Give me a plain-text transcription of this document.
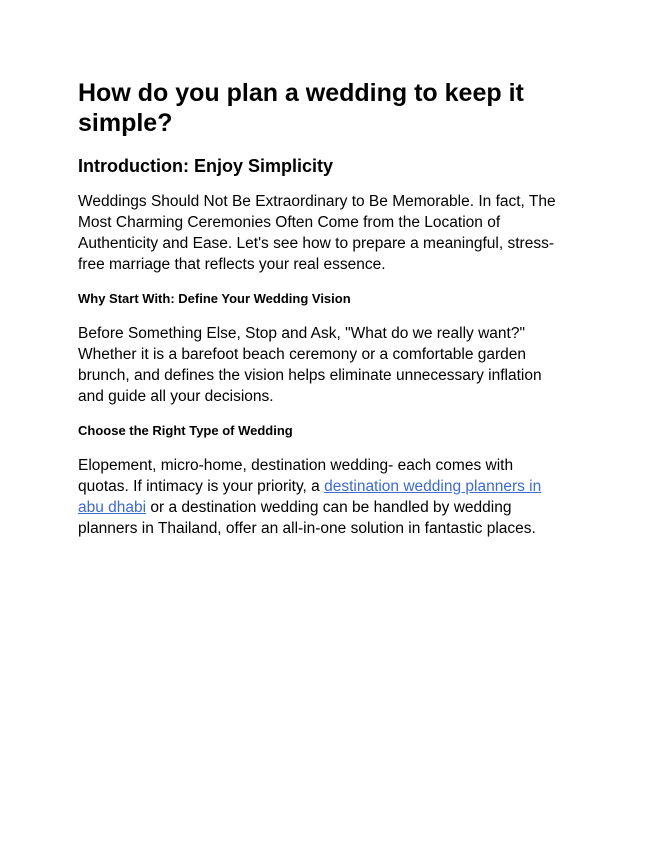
How do you plan a wedding to keep it simple?
Introduction: Enjoy Simplicity

Weddings Should Not Be Extraordinary to Be Memorable. In fact, The Most Charming Ceremonies Often Come from the Location of Authenticity and Ease. Let's see how to prepare a meaningful, stress-free marriage that reflects your real essence.

Why Start With: Define Your Wedding Vision

Before Something Else, Stop and Ask, "What do we really want?" Whether it is a barefoot beach ceremony or a comfortable garden brunch, and defines the vision helps eliminate unnecessary inflation and guide all your decisions.

Choose the Right Type of Wedding

Elopement, micro-home, destination wedding- each comes with quotas. If intimacy is your priority, a destination wedding planners in abu dhabi or a destination wedding can be handled by wedding planners in Thailand, offer an all-in-one solution in fantastic places.
